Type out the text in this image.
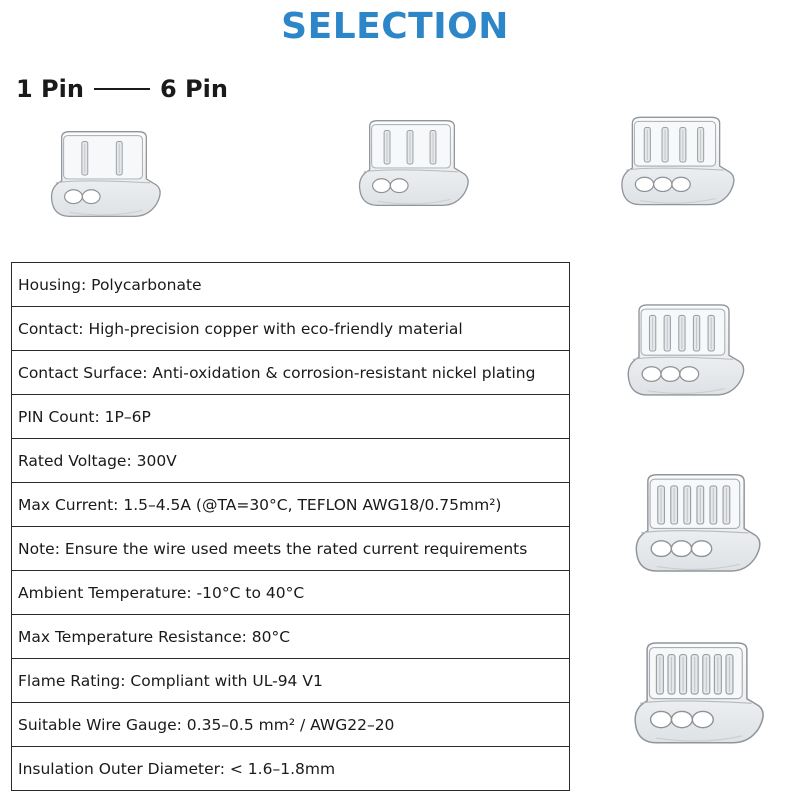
SELECTION
1 Pin	6 Pin
Housing: Polycarbonate
Contact: High-precision copper with eco-friendly material
Contact Surface: Anti-oxidation & corrosion-resistant nickel plating
PIN Count: 1P–6P
Rated Voltage: 300V
Max Current: 1.5–4.5A (@TA=30°C, TEFLON AWG18/0.75mm²)
Note: Ensure the wire used meets the rated current requirements
Ambient Temperature: -10°C to 40°C
Max Temperature Resistance: 80°C
Flame Rating: Compliant with UL-94 V1
Suitable Wire Gauge: 0.35–0.5 mm² / AWG22–20
Insulation Outer Diameter: < 1.6–1.8mm
